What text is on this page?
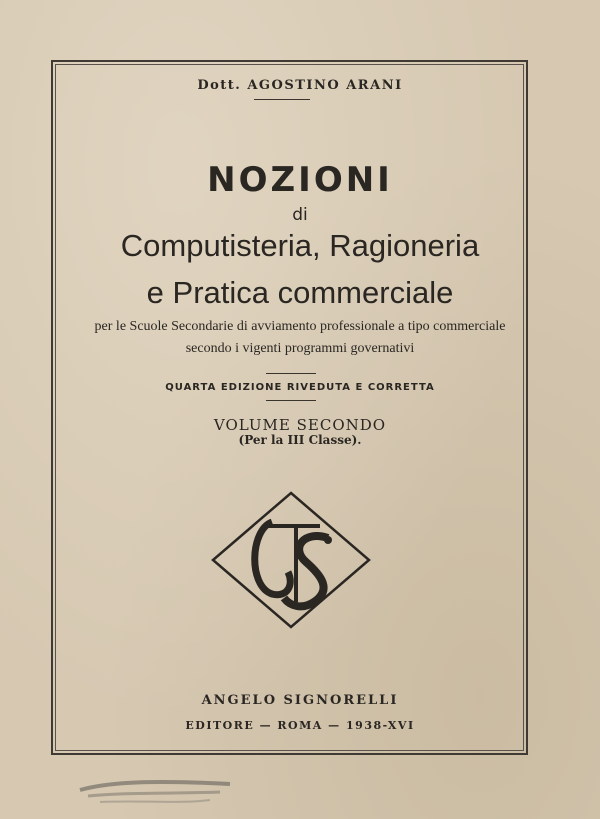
Dott. AGOSTINO ARANI
NOZIONI
di
Computisteria, Ragioneria
e Pratica commerciale
per le Scuole Secondarie di avviamento professionale a tipo commerciale
secondo i vigenti programmi governativi
QUARTA EDIZIONE RIVEDUTA E CORRETTA
VOLUME SECONDO
(Per la III Classe).
ANGELO SIGNORELLI
EDITORE — ROMA — 1938-XVI
